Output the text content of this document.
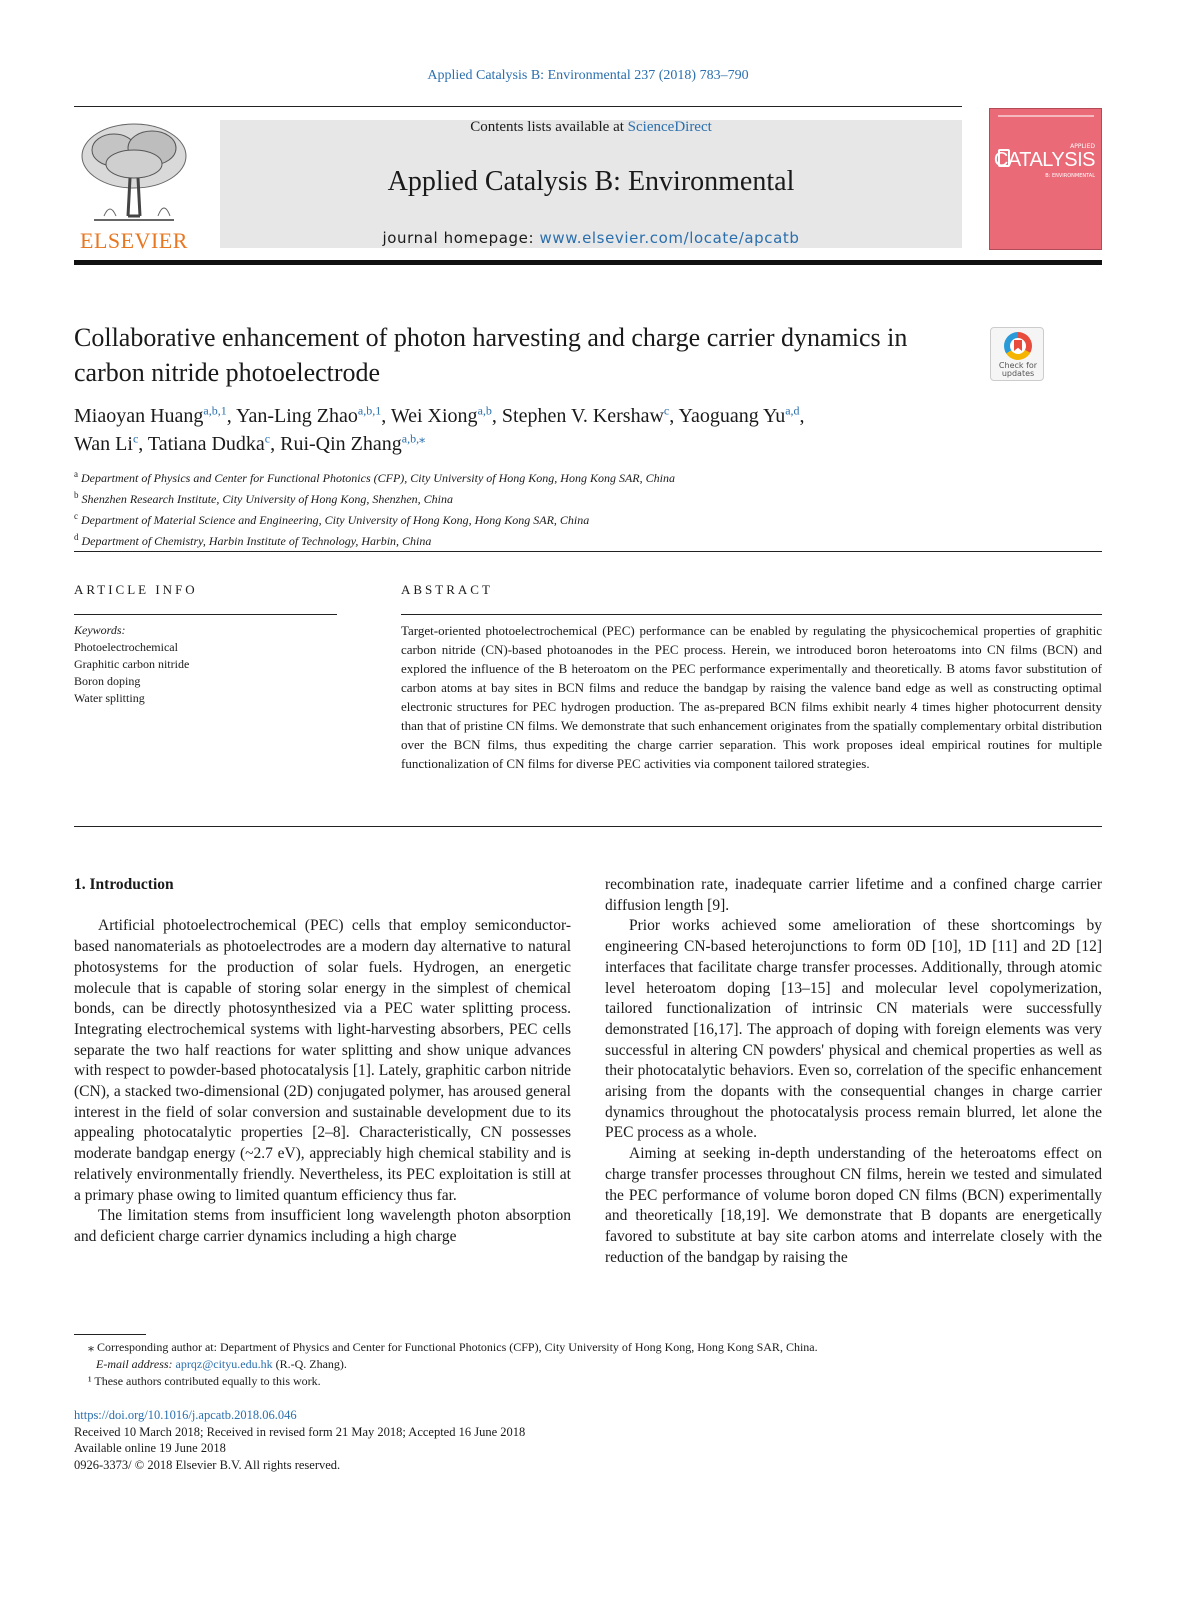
Applied Catalysis B: Environmental 237 (2018) 783–790
ELSEVIER
Contents lists available at ScienceDirect
Applied Catalysis B: Environmental
journal homepage: www.elsevier.com/locate/apcatb
APPLIED
CATALYSIS
B: ENVIRONMENTAL
Collaborative enhancement of photon harvesting and charge carrier dynamics in carbon nitride photoelectrode	Check for
updates
Miaoyan Huang$^{a,b,1}$, Yan-Ling Zhao$^{a,b,1}$, Wei Xiong$^{a,b}$, Stephen V. Kershaw$^c$, Yaoguang Yu$^{a,d}$,
Wan Li$^c$, Tatiana Dudka$^c$, Rui-Qin Zhang$^{a,b,⁎}$
$^a$ Department of Physics and Center for Functional Photonics (CFP), City University of Hong Kong, Hong Kong SAR, China
$^b$ Shenzhen Research Institute, City University of Hong Kong, Shenzhen, China
$^c$ Department of Material Science and Engineering, City University of Hong Kong, Hong Kong SAR, China
$^d$ Department of Chemistry, Harbin Institute of Technology, Harbin, China
ARTICLE INFO	ABSTRACT
Keywords:
Photoelectrochemical
Graphitic carbon nitride
Boron doping
Water splitting
Target-oriented photoelectrochemical (PEC) performance can be enabled by regulating the physicochemical properties of graphitic carbon nitride (CN)-based photoanodes in the PEC process. Herein, we introduced boron heteroatoms into CN films (BCN) and explored the influence of the B heteroatom on the PEC performance experimentally and theoretically. B atoms favor substitution of carbon atoms at bay sites in BCN films and reduce the bandgap by raising the valence band edge as well as constructing optimal electronic structures for PEC hydrogen production. The as-prepared BCN films exhibit nearly 4 times higher photocurrent density than that of pristine CN films. We demonstrate that such enhancement originates from the spatially complementary orbital distribution over the BCN films, thus expediting the charge carrier separation. This work proposes ideal empirical routines for multiple functionalization of CN films for diverse PEC activities via component tailored strategies.
1. Introduction

Artificial photoelectrochemical (PEC) cells that employ semiconductor-based nanomaterials as photoelectrodes are a modern day alternative to natural photosystems for the production of solar fuels. Hydrogen, an energetic molecule that is capable of storing solar energy in the simplest of chemical bonds, can be directly photosynthesized via a PEC water splitting process. Integrating electrochemical systems with light-harvesting absorbers, PEC cells separate the two half reactions for water splitting and show unique advances with respect to powder-based photocatalysis [1]. Lately, graphitic carbon nitride (CN), a stacked two-dimensional (2D) conjugated polymer, has aroused general interest in the field of solar conversion and sustainable development due to its appealing photocatalytic properties [2–8]. Characteristically, CN possesses moderate bandgap energy (~2.7 eV), appreciably high chemical stability and is relatively environmentally friendly. Nevertheless, its PEC exploitation is still at a primary phase owing to limited quantum efficiency thus far.

The limitation stems from insufficient long wavelength photon absorption and deficient charge carrier dynamics including a high charge

recombination rate, inadequate carrier lifetime and a confined charge carrier diffusion length [9].

Prior works achieved some amelioration of these shortcomings by engineering CN-based heterojunctions to form 0D [10], 1D [11] and 2D [12] interfaces that facilitate charge transfer processes. Additionally, through atomic level heteroatom doping [13–15] and molecular level copolymerization, tailored functionalization of intrinsic CN materials were successfully demonstrated [16,17]. The approach of doping with foreign elements was very successful in altering CN powders' physical and chemical properties as well as their photocatalytic behaviors. Even so, correlation of the specific enhancement arising from the dopants with the consequential changes in charge carrier dynamics throughout the photocatalysis process remain blurred, let alone the PEC process as a whole.

Aiming at seeking in-depth understanding of the heteroatoms effect on charge transfer processes throughout CN films, herein we tested and simulated the PEC performance of volume boron doped CN films (BCN) experimentally and theoretically [18,19]. We demonstrate that B dopants are energetically favored to substitute at bay site carbon atoms and interrelate closely with the reduction of the bandgap by raising the

⁎ Corresponding author at: Department of Physics and Center for Functional Photonics (CFP), City University of Hong Kong, Hong Kong SAR, China.
E-mail address: aprqz@cityu.edu.hk (R.-Q. Zhang).
¹ These authors contributed equally to this work.
https://doi.org/10.1016/j.apcatb.2018.06.046
Received 10 March 2018; Received in revised form 21 May 2018; Accepted 16 June 2018
Available online 19 June 2018
0926-3373/ © 2018 Elsevier B.V. All rights reserved.
